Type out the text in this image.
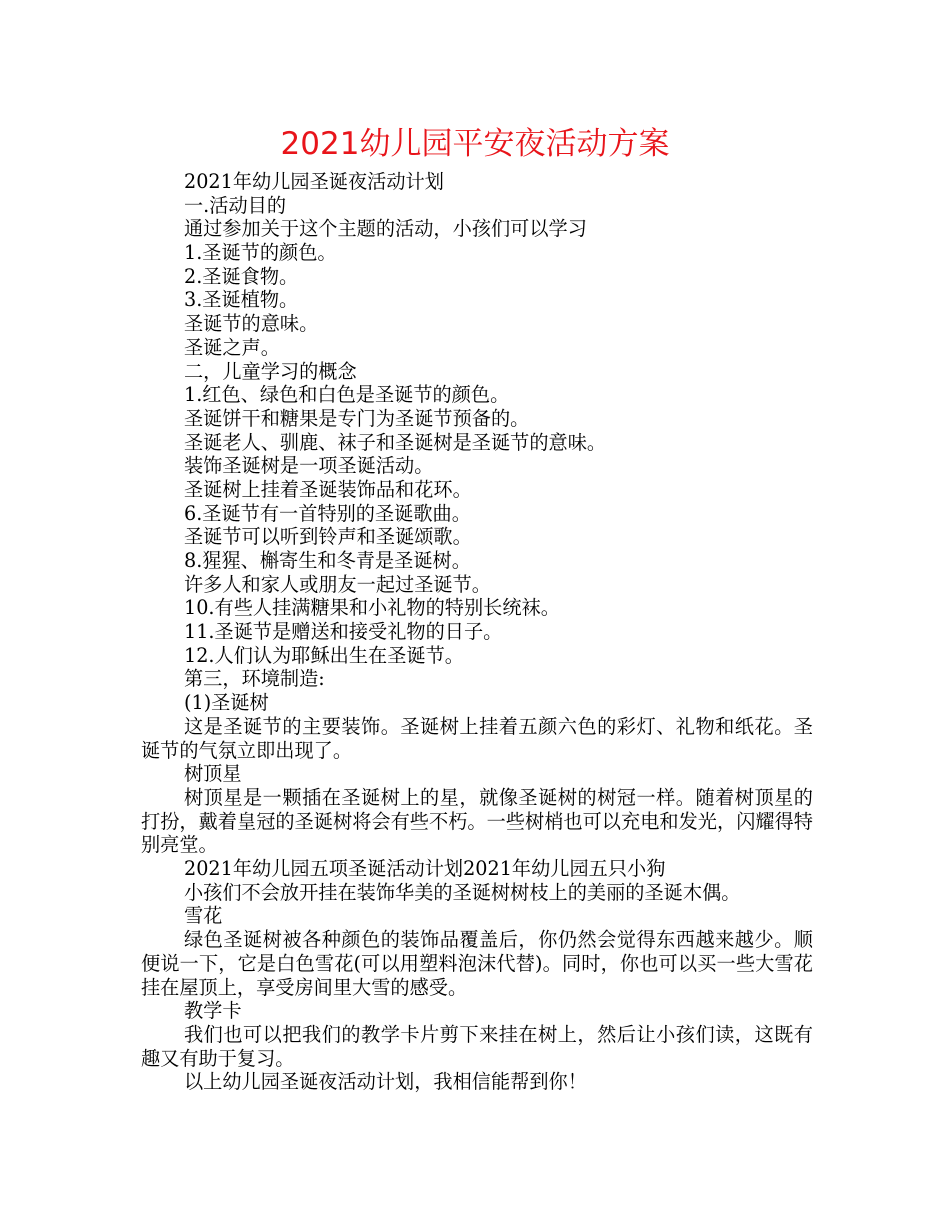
2021幼儿园平安夜活动方案
2021年幼儿园圣诞夜活动计划
一.活动目的
通过参加关于这个主题的活动，小孩们可以学习
1.圣诞节的颜色。
2.圣诞食物。
3.圣诞植物。
圣诞节的意味。
圣诞之声。
二，儿童学习的概念
1.红色、绿色和白色是圣诞节的颜色。
圣诞饼干和糖果是专门为圣诞节预备的。
圣诞老人、驯鹿、袜子和圣诞树是圣诞节的意味。
装饰圣诞树是一项圣诞活动。
圣诞树上挂着圣诞装饰品和花环。
6.圣诞节有一首特别的圣诞歌曲。
圣诞节可以听到铃声和圣诞颂歌。
8.猩猩、槲寄生和冬青是圣诞树。
许多人和家人或朋友一起过圣诞节。
10.有些人挂满糖果和小礼物的特别长统袜。
11.圣诞节是赠送和接受礼物的日子。
12.人们认为耶稣出生在圣诞节。
第三，环境制造:
(1)圣诞树
这是圣诞节的主要装饰。圣诞树上挂着五颜六色的彩灯、礼物和纸花。圣诞节的气氛立即出现了。
树顶星
树顶星是一颗插在圣诞树上的星，就像圣诞树的树冠一样。随着树顶星的打扮，戴着皇冠的圣诞树将会有些不朽。一些树梢也可以充电和发光，闪耀得特别亮堂。
2021年幼儿园五项圣诞活动计划2021年幼儿园五只小狗
小孩们不会放开挂在装饰华美的圣诞树树枝上的美丽的圣诞木偶。
雪花
绿色圣诞树被各种颜色的装饰品覆盖后，你仍然会觉得东西越来越少。顺便说一下，它是白色雪花(可以用塑料泡沫代替)。同时，你也可以买一些大雪花挂在屋顶上，享受房间里大雪的感受。
教学卡
我们也可以把我们的教学卡片剪下来挂在树上，然后让小孩们读，这既有趣又有助于复习。
以上幼儿园圣诞夜活动计划，我相信能帮到你！
